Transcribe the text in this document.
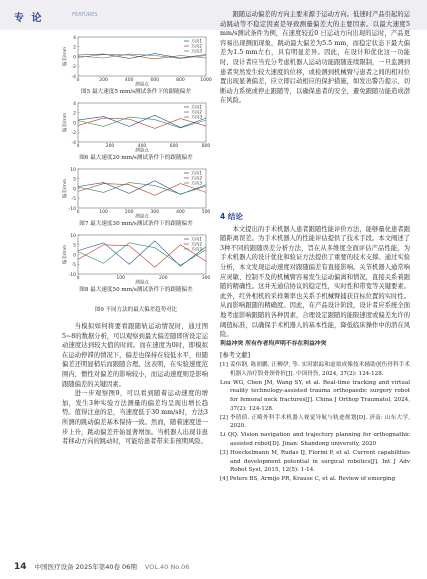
专 论	FEATURES
4
2
0
-2
-4
0	200	400	600	800	1000
偏差/mm
测量点
方向1
方向2
方向3
图5 最大速度5 mm/s测试条件下的跟随偏差
4
2
0
-2
-4
0	200	400	600	800
偏差/mm
测量点
方向1
方向2
方向3
图6 最大速度20 mm/s测试条件下的跟随偏差
10
5
0
-5
-10
0	100	200	300	400	500
偏差/mm
测量点
方向1
方向2
方向3
图7 最大速度30 mm/s测试条件下的跟随偏差
10
5
0
-5
-10
0	100	200	300
偏差/mm
测量点
方向1
方向2
方向3
图8 最大速度50 mm/s测试条件下的跟随偏差
图9 不同方法的最大偏差趋势对比

当模拟如何将要看跟随轨运动情况时，通过图5~8的数据分析，可以观察到最大偏差随即所设定运动速度达到较大值的时间。而在速度为0时，即模拟在运动停滞的情况下，偏差也保持在较低水平，但随偏差还明显稍后而跟随合理。这表明，在实验速度范围内，惯性对偏差的影响较小，而运动速度则是影响跟随偏差的关键因素。

进一步观察图9，可以看到随着运动速度的增加，发生3种实验方法测量的偏差均呈现出增长趋势。值得注意的是，当速度低于30 mm/s时，方法3所测的跳动偏差基本保持一致。然而，随着速度进一步上升，跳动偏差开始显著增加。当机器人出现非患者移动方向的跳动时，可能给患者带来非预期风险。

跟随运动偏差的方向主要来源于运动方向。低速时产品引起的运动跳动等不稳定因素是导致测量偏差大的主要因素。以最大速度5 mm/s测试条件为例，在速度较近0 日运动方向出现的运时，产品更容易出现测面现象，跳动最大偏差为5.5 mm，而稳定状态下最大偏差为1.5 mm左右，具有明显差异。因此，在设计和优化这一功能时，设计者应当充分考虑机器人运动功能跟随连续限制，一旦监测到患者突然发生较大速度的位移，或检测到机械臂与患者之间的相对位置出现显著偏差，应立即启动相应的保护措施，如发出警告提示、切断动力系统或停止跟随等，以确保患者的安全，避免跟随功能造成潜在风险。

4 结论

本文提出的手术机器人患者跟随性能评价方法，能够量化患者跟随距离误差。为手术机器人的性能评估提供了技术手段。本文阐述了3种不同的跟随误差分析方法，旨在从多维度全面评估产品性能，为手术机器人的设计优化和验证方法提供了重要的技术支撑。通过实验分析，本文发现运动速度对跟随偏差有直接影响。关节机器人通常响应灵敏、控制不及的机械臂容易发生运动偏离和情况，直接关系着跟随的精确性。这并无通信协议的稳定性，实时性和带宽等关键要素。此外，红外相机的采样频率也关系手机械臂捕获目标位置的实时性。从而影响跟随的精确度。因此，在产品设计阶段，设计者应系统全面地考虑影响跟随的各种因素，合理设定跟随的能限速度或偏差允许的阈值标准，以确保手术机器人的基本性能，降低临床操作中的潜在风险。

利益冲突 所有作者均声明不存在利益冲突

[参考文献]

[1] 姜伟钢, 陈润鹏, 汪柳伊, 等. 实时跟踪和虚拟成像技术辅助创伤骨科手术机器人治疗股骨颈骨折[J]. 中国骨伤, 2024, 37(2): 124-128.

Lou WG, Chen JM, Wang SY, et al. Real-time tracking and virtual reality technology-assisted trauma orthopaedic surgery robot for femoral neck fractures[J]. China J Orthop Traumatol, 2024, 37(2): 124-128.

[2] 李倩倩. 正畸外科手术机器人视觉导航与轨迹规划[D]. 济南: 山东大学, 2020.

Li QQ. Vision navigation and trajectory planning for orthognathic assisted robot[D]. Jinan: Shandong university, 2020

[3] Hoeckelmann M, Rudas IJ, Fiorini P, et al. Current capabilities and development potential in surgical robotics[J]. Int J Adv Robot Syst, 2015, 12(5): 1-14.

[4] Peters BS, Armijo PR, Krause C, et al. Review of emerging

14 中国医疗设备 2025年第40卷 06期 VOL.40 No.06
